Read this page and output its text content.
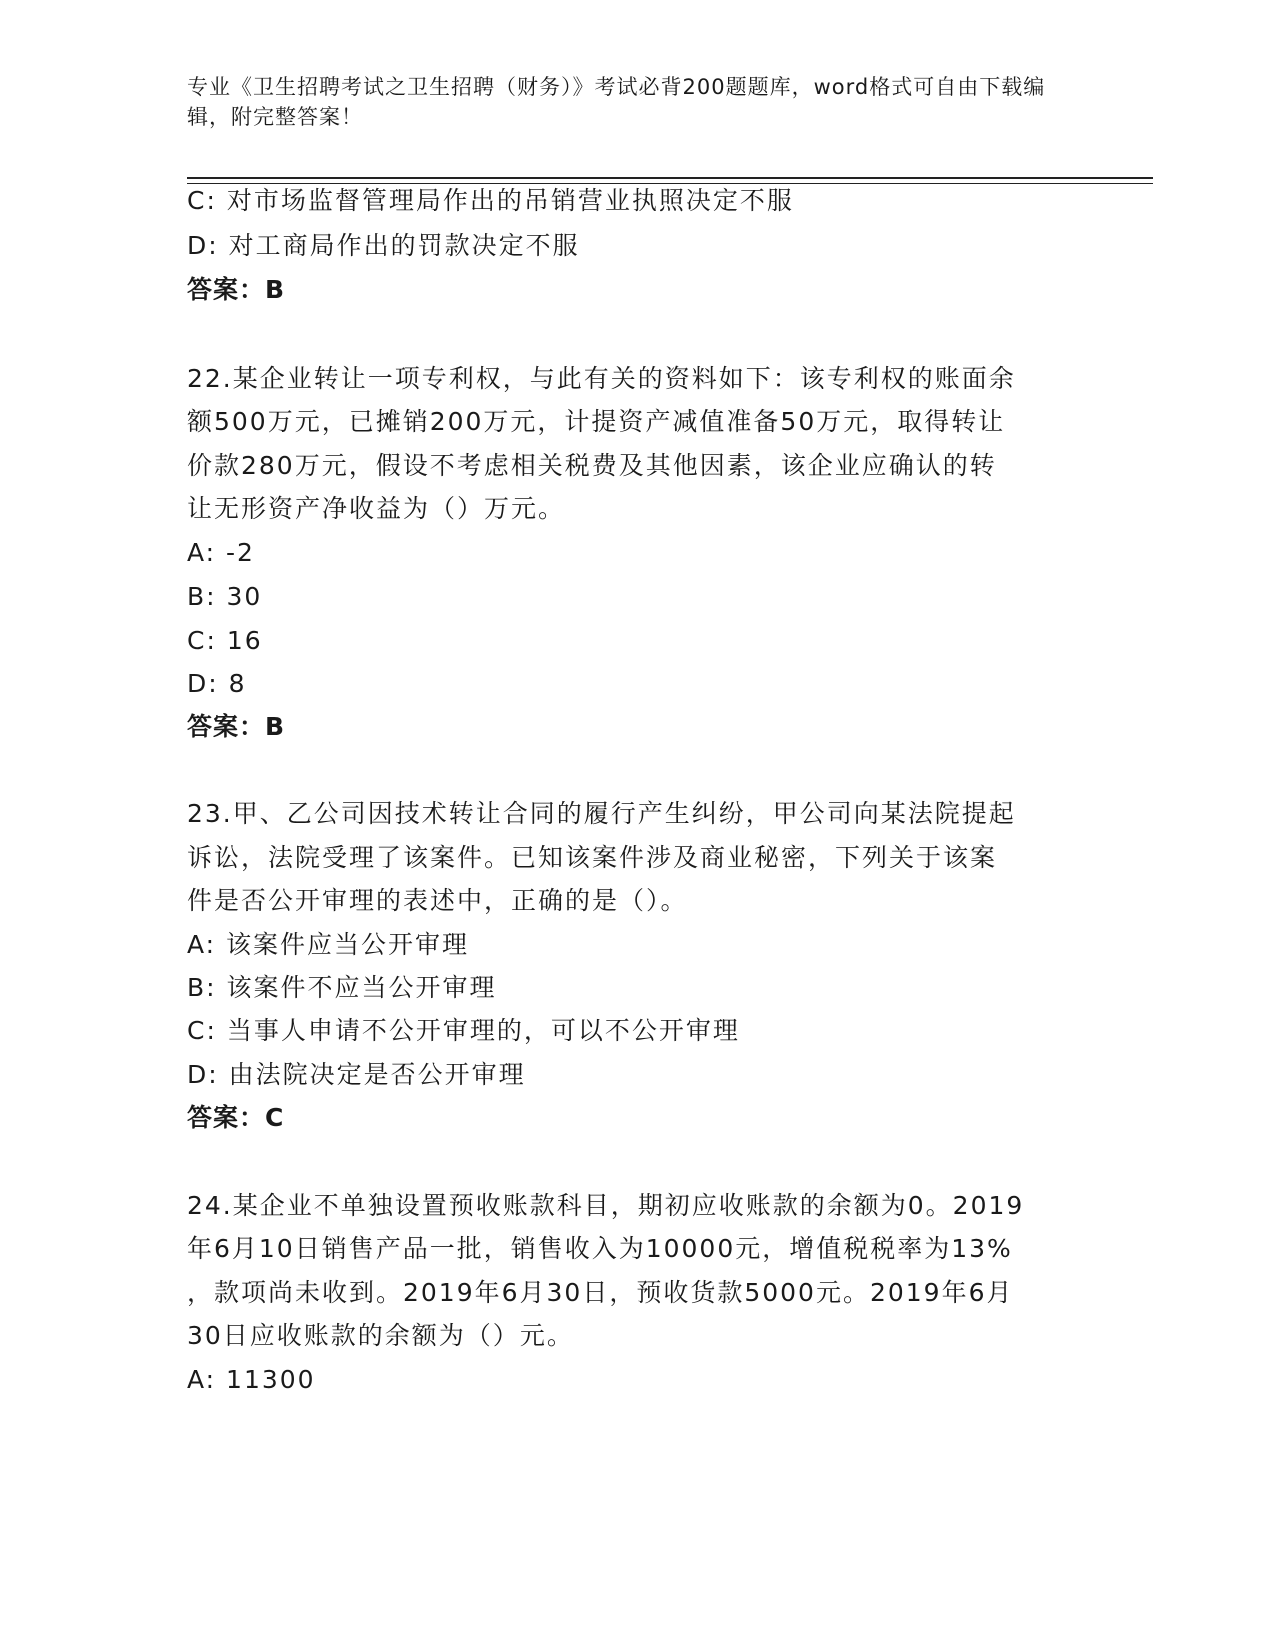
专业《卫生招聘考试之卫生招聘（财务）》考试必背200题题库，word格式可自由下载编辑，附完整答案！
C: 对市场监督管理局作出的吊销营业执照决定不服
D: 对工商局作出的罚款决定不服
答案：B
22.某企业转让一项专利权，与此有关的资料如下：该专利权的账面余
额500万元，已摊销200万元，计提资产减值准备50万元，取得转让
价款280万元，假设不考虑相关税费及其他因素，该企业应确认的转
让无形资产净收益为（）万元。
A: -2
B: 30
C: 16
D: 8
答案：B
23.甲、乙公司因技术转让合同的履行产生纠纷，甲公司向某法院提起
诉讼，法院受理了该案件。已知该案件涉及商业秘密，下列关于该案
件是否公开审理的表述中，正确的是（）。
A: 该案件应当公开审理
B: 该案件不应当公开审理
C: 当事人申请不公开审理的，可以不公开审理
D: 由法院决定是否公开审理
答案：C
24.某企业不单独设置预收账款科目，期初应收账款的余额为0。2019
年6月10日销售产品一批，销售收入为10000元，增值税税率为13%
，款项尚未收到。2019年6月30日，预收货款5000元。2019年6月
30日应收账款的余额为（）元。
A: 11300
